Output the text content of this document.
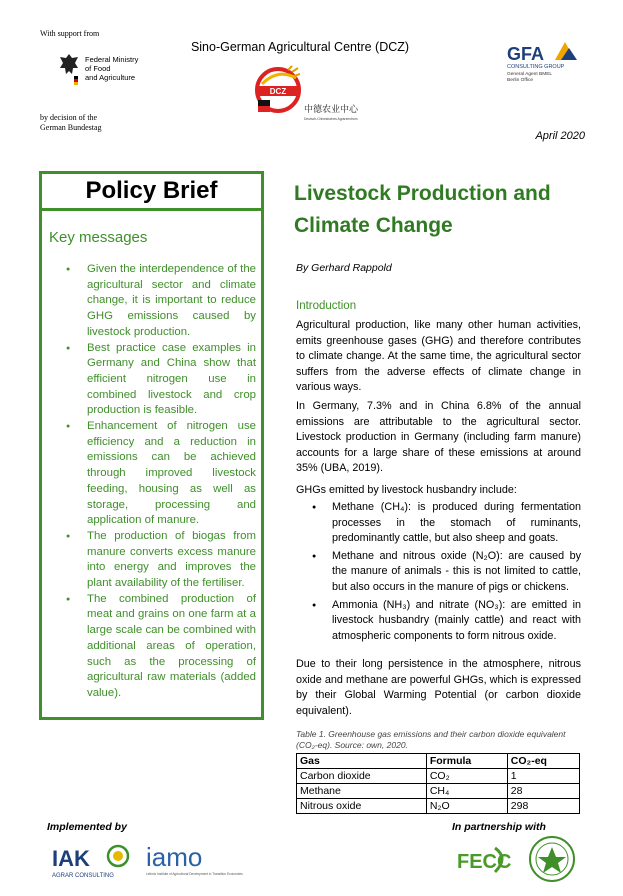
With support from
Federal Ministry
of Food
and Agriculture
by decision of the
German Bundestag
Sino-German Agricultural Centre (DCZ)
DCZ
中德农业中心
Deutsch-Chinesisches Agrarzentrum
GFA
CONSULTING GROUP
General Agent BMEL
Berlin Office
April 2020
Policy Brief
Key messages
● Given the interdependence of the agricultural sector and climate change, it is important to reduce GHG emissions caused by livestock production.
● Best practice case examples in Germany and China show that efficient nitrogen use in combined livestock and crop production is feasible.
● Enhancement of nitrogen use efficiency and a reduction in emissions can be achieved through improved livestock feeding, housing as well as storage, processing and application of manure.
● The production of biogas from manure converts excess manure into energy and improves the plant availability of the fertiliser.
● The combined production of meat and grains on one farm at a large scale can be combined with additional areas of operation, such as the processing of agricultural raw materials (added value).
Livestock Production and
Climate Change
By Gerhard Rappold
Introduction
Agricultural production, like many other human activities, emits greenhouse gases (GHG) and therefore contributes to climate change. At the same time, the agricultural sector suffers from the adverse effects of climate change in various ways.
In Germany, 7.3% and in China 6.8% of the annual emissions are attributable to the agricultural sector. Livestock production in Germany (including farm manure) accounts for a large share of these emissions at around 35% (UBA, 2019).
GHGs emitted by livestock husbandry include:
● Methane (CH₄): is produced during fermentation processes in the stomach of ruminants, predominantly cattle, but also sheep and goats.
● Methane and nitrous oxide (N₂O): are caused by the manure of animals - this is not limited to cattle, but also occurs in the manure of pigs or chickens.
● Ammonia (NH₃) and nitrate (NO₃): are emitted in livestock husbandry (mainly cattle) and react with atmospheric components to form nitrous oxide.
Due to their long persistence in the atmosphere, nitrous oxide and methane are powerful GHGs, which is expressed by their Global Warming Potential (or carbon dioxide equivalent).
Table 1. Greenhouse gas emissions and their carbon dioxide equivalent (CO₂-eq). Source: own, 2020.
Gas	Formula	CO₂-eq
Carbon dioxide	CO₂	1
Methane	CH₄	28
Nitrous oxide	N₂O	298
Implemented by	In partnership with
IAK
AGRAR CONSULTING
iamo
Leibniz Institute of Agricultural Development in Transition Economies
FECC
